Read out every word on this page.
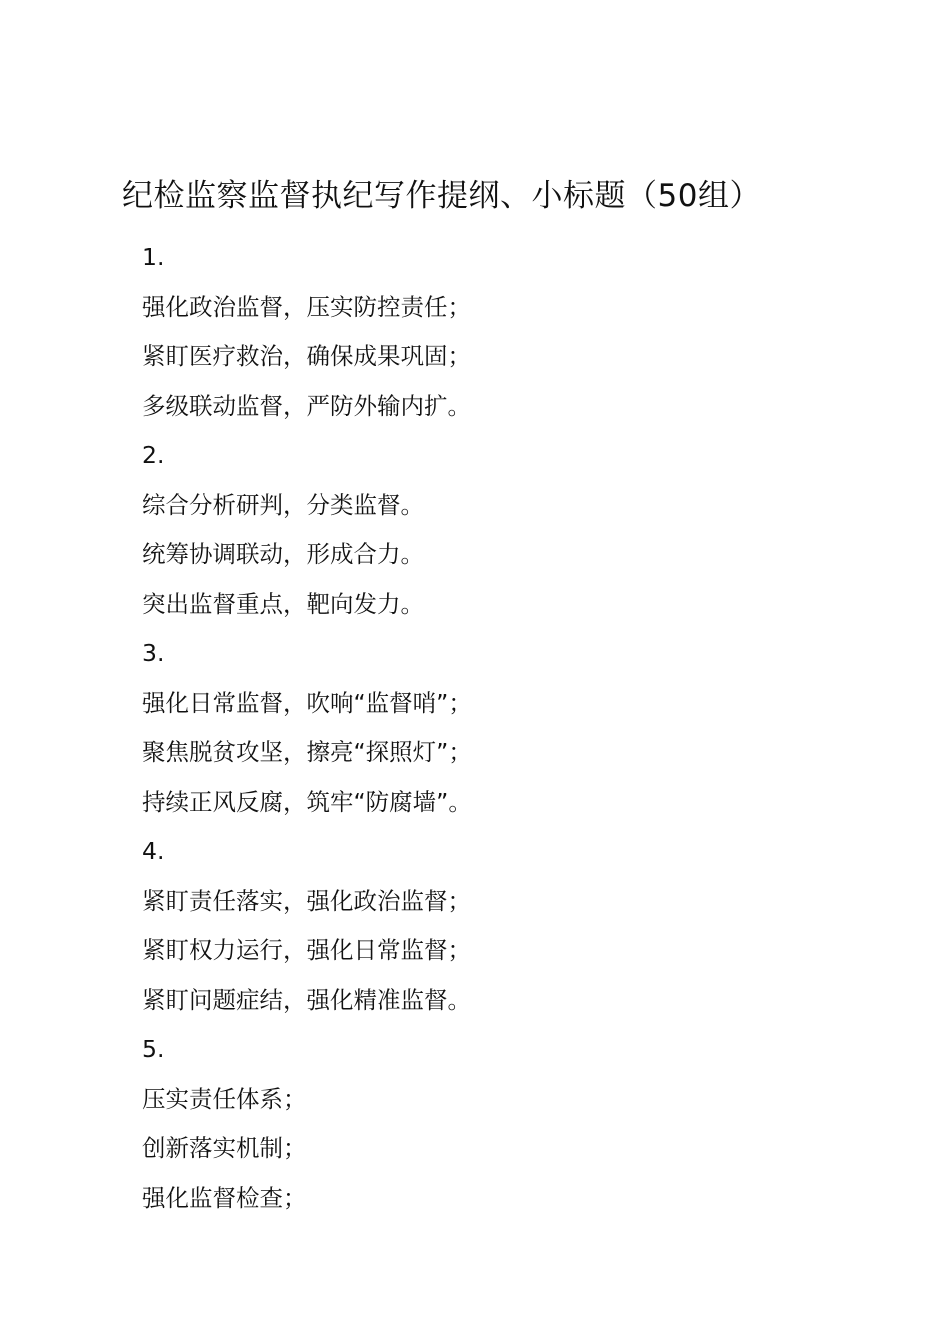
纪检监察监督执纪写作提纲、小标题（50组）
1.
强化政治监督，压实防控责任；
紧盯医疗救治，确保成果巩固；
多级联动监督，严防外输内扩。
2.
综合分析研判，分类监督。
统筹协调联动，形成合力。
突出监督重点，靶向发力。
3.
强化日常监督，吹响“监督哨”；
聚焦脱贫攻坚，擦亮“探照灯”；
持续正风反腐，筑牢“防腐墙”。
4.
紧盯责任落实，强化政治监督；
紧盯权力运行，强化日常监督；
紧盯问题症结，强化精准监督。
5.
压实责任体系；
创新落实机制；
强化监督检查；
